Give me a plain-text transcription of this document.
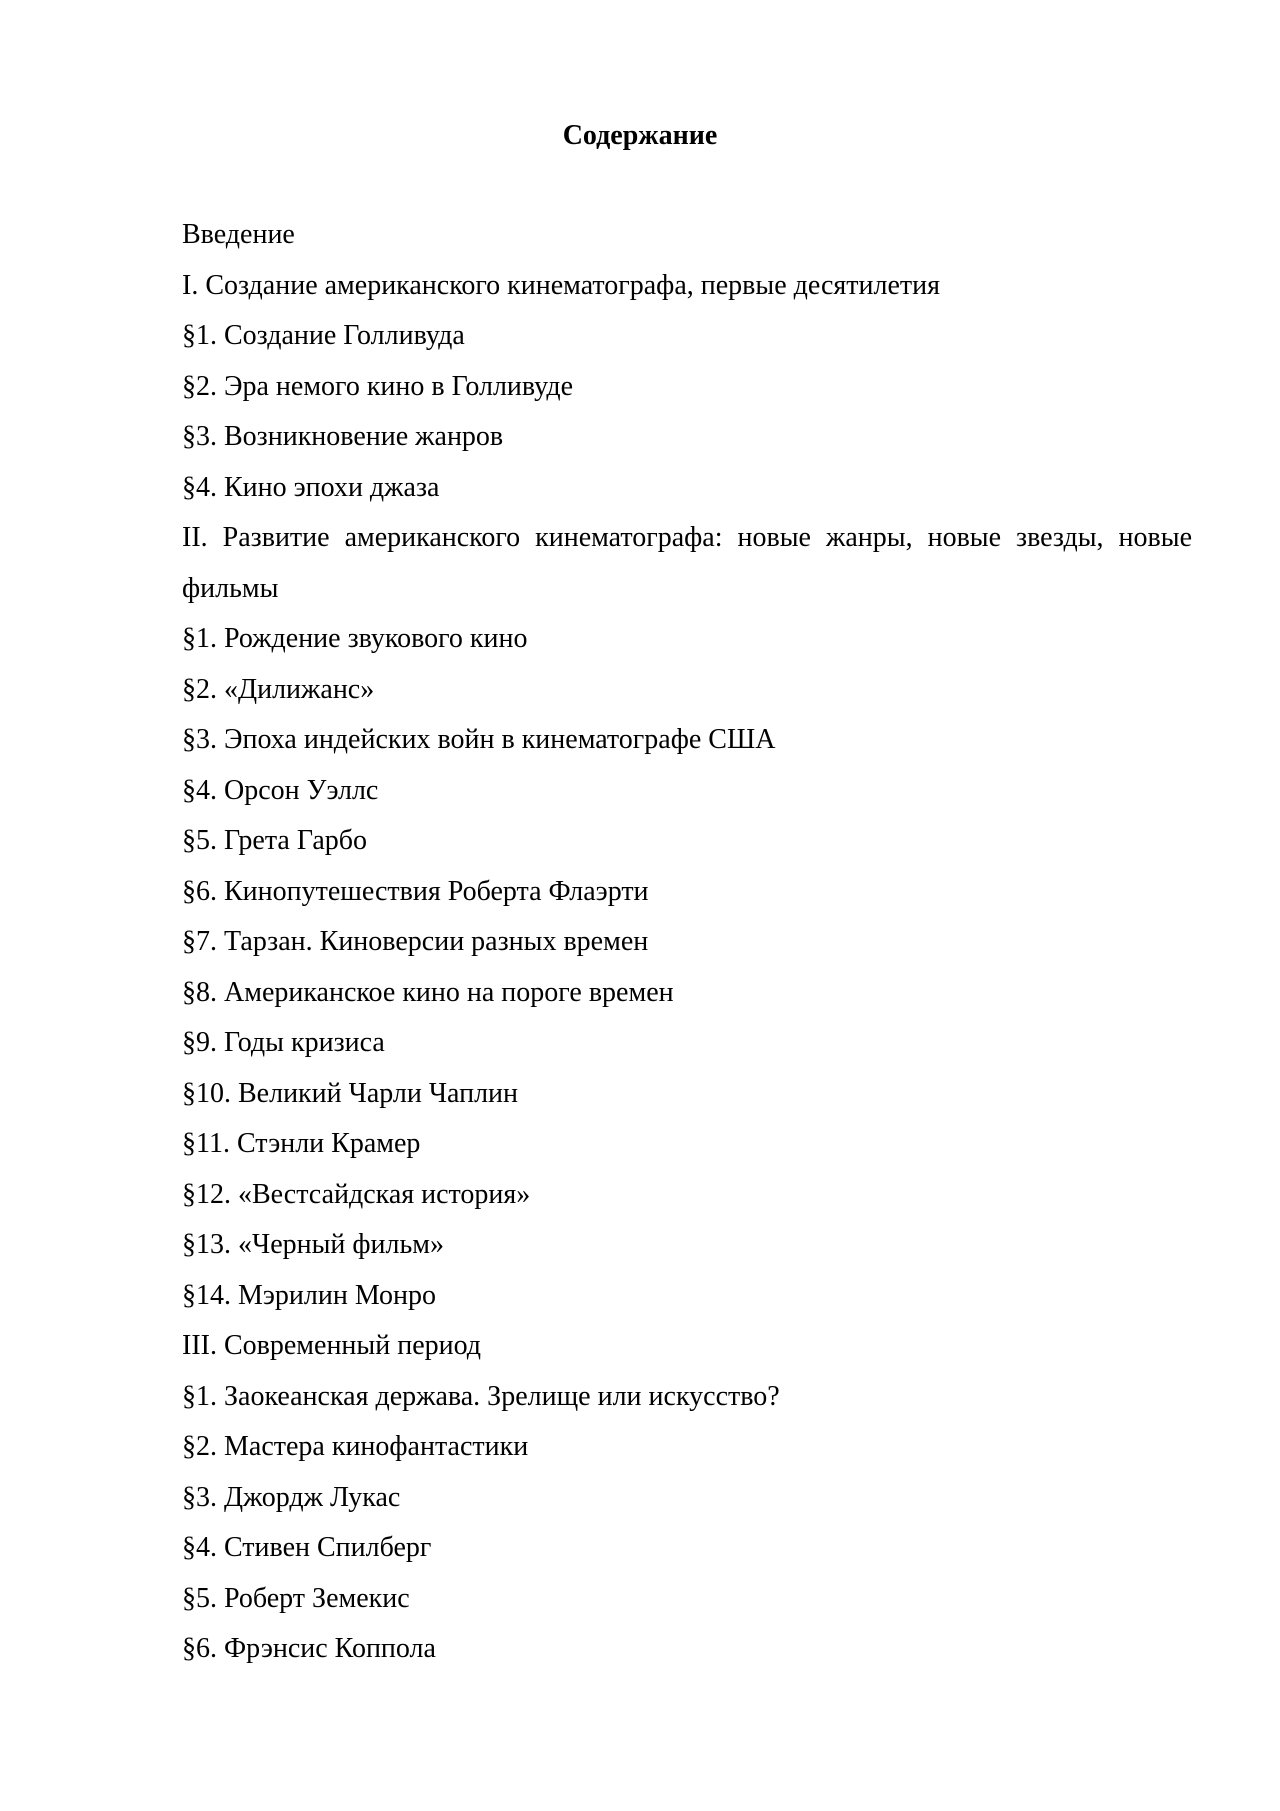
Содержание
Введение
I. Создание американского кинематографа, первые десятилетия
§1. Создание Голливуда
§2. Эра немого кино в Голливуде
§3. Возникновение жанров
§4. Кино эпохи джаза
II. Развитие американского кинематографа: новые жанры, новые звезды, новые фильмы
§1. Рождение звукового кино
§2. «Дилижанс»
§3. Эпоха индейских войн в кинематографе США
§4. Орсон Уэллс
§5. Грета Гарбо
§6. Кинопутешествия Роберта Флаэрти
§7. Тарзан. Киноверсии разных времен
§8. Американское кино на пороге времен
§9. Годы кризиса
§10. Великий Чарли Чаплин
§11. Стэнли Крамер
§12. «Вестсайдская история»
§13. «Черный фильм»
§14. Мэрилин Монро
III. Современный период
§1. Заокеанская держава. Зрелище или искусство?
§2. Мастера кинофантастики
§3. Джордж Лукас
§4. Стивен Спилберг
§5. Роберт Земекис
§6. Фрэнсис Коппола
